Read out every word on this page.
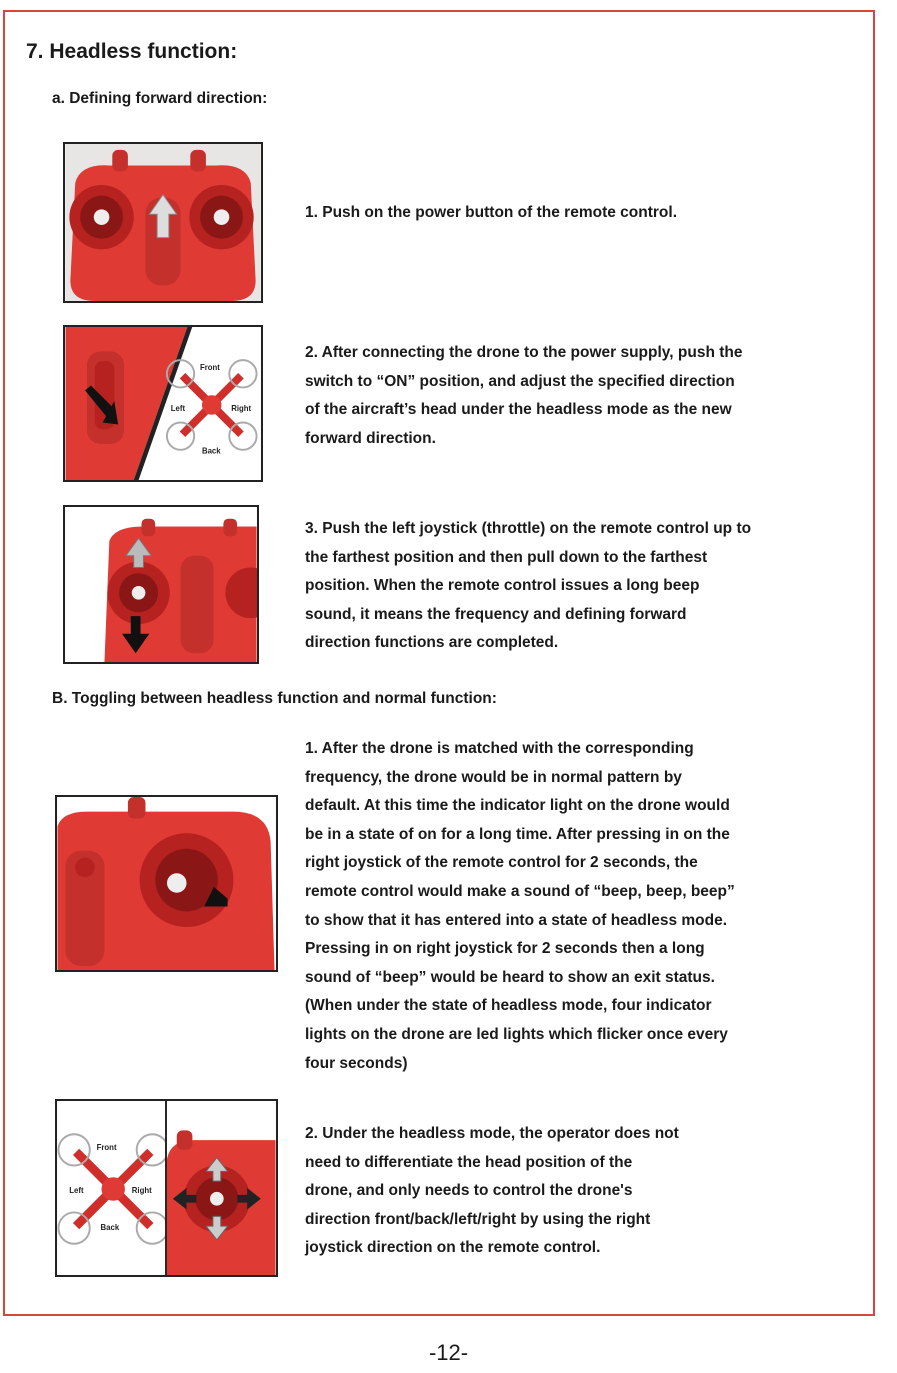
7. Headless function:
a. Defining forward direction:
1. Push on the power button of the remote control.
Front
Left	Right
Back
2. After connecting the drone to the power supply, push the
switch to “ON” position, and adjust the specified direction
of the aircraft’s head under the headless mode as the new
forward direction.
3. Push the left joystick (throttle) on the remote control up to
the farthest position and then pull down to the farthest
position. When the remote control issues a long beep
sound, it means the frequency and defining forward
direction functions are completed.
B. Toggling between headless function and normal function:
1. After the drone is matched with the corresponding
frequency, the drone would be in normal pattern by
default. At this time the indicator light on the drone would
be in a state of on for a long time. After pressing in on the
right joystick of the remote control for 2 seconds, the
remote control would make a sound of “beep, beep, beep”
to show that it has entered into a state of headless mode.
Pressing in on right joystick for 2 seconds then a long
sound of “beep” would be heard to show an exit status.
(When under the state of headless mode, four indicator
lights on the drone are led lights which flicker once every
four seconds)
Front
Left	Right
Back
2. Under the headless mode, the operator does not
need to differentiate the head position of the
drone, and only needs to control the drone's
direction front/back/left/right by using the right
joystick direction on the remote control.
-12-
